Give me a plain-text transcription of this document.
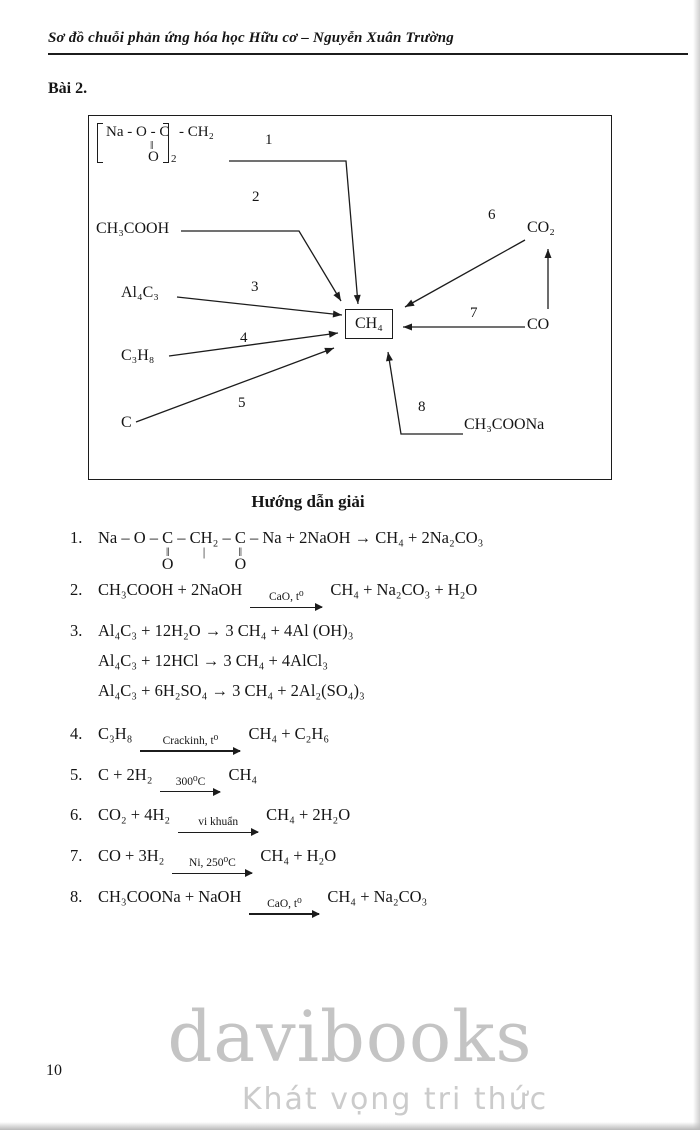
Sơ đồ chuỗi phản ứng hóa học Hữu cơ – Nguyễn Xuân Trường
Bài 2.
Na - O - C
‖
O 2
- CH₂
CH₃COOH
Al₄C₃
C₃H₈
C
CO₂
CO
CH₃COONa
CH₄
1
2
3
4
5
6
7
8
Hướng dẫn giải
1. Na – O – C
‖
O
– CH₂
|
– C
‖
O
– Na + 2NaOH → CH₄ + 2Na₂CO₃
2. CH₃COOH + 2NaOH CaO, t⁰ CH₄ + Na₂CO₃ + H₂O
3. Al₄C₃ + 12H₂O → 3 CH₄ + 4Al (OH)₃
Al₄C₃ + 12HCl → 3 CH₄ + 4AlCl₃
Al₄C₃ + 6H₂SO₄ → 3 CH₄ + 2Al₂(SO₄)₃
4. C₃H₈	Crackinh, t⁰ CH₄ + C₂H₆
5. C + 2H₂ 300⁰C CH₄
6. CO₂ + 4H₂ vi khuẩn CH₄ + 2H₂O
7. CO + 3H₂ Ni, 250⁰C CH₄ + H₂O
8. CH₃COONa + NaOH CaO, t⁰ CH₄ + Na₂CO₃
davibooks
Khát vọng tri thức
10
